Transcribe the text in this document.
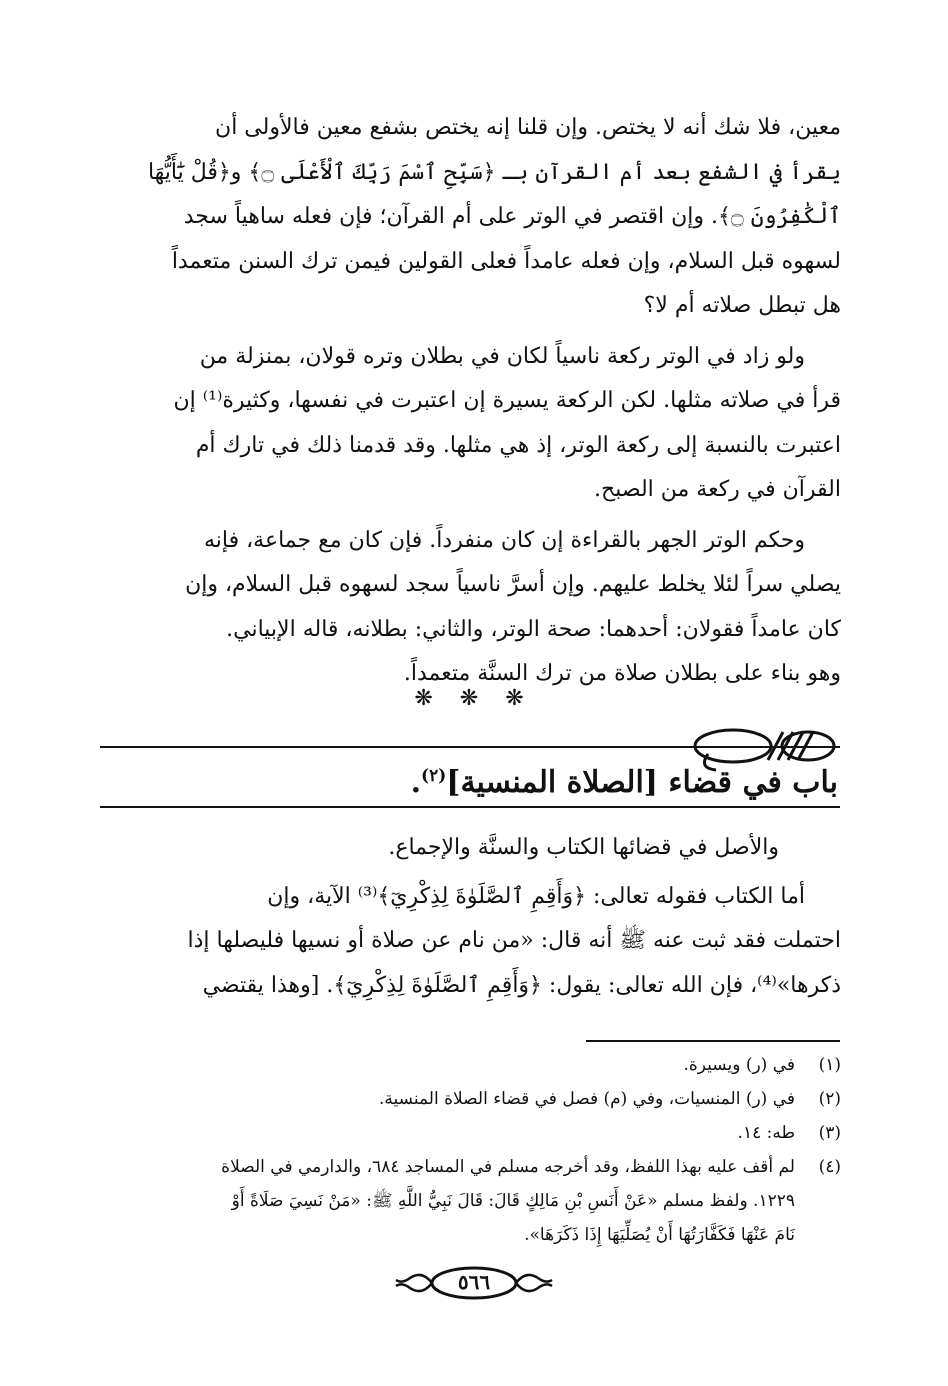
معين، فلا شك أنه لا يختص. وإن قلنا إنه يختص بشفع معين فالأولى أن
يقرأ في الشفع بعد أم القرآن بـ ﴿سَبِّحِ ٱسْمَ رَبِّكَ ٱلْأَعْلَى ۝﴾ و﴿قُلْ يَٰٓأَيُّهَا
ٱلْكَٰفِرُونَ ۝﴾. وإن اقتصر في الوتر على أم القرآن؛ فإن فعله ساهياً سجد
لسهوه قبل السلام، وإن فعله عامداً فعلى القولين فيمن ترك السنن متعمداً
هل تبطل صلاته أم لا؟
ولو زاد في الوتر ركعة ناسياً لكان في بطلان وتره قولان، بمنزلة من
قرأ في صلاته مثلها. لكن الركعة يسيرة إن اعتبرت في نفسها، وكثيرة⁽¹⁾ إن
اعتبرت بالنسبة إلى ركعة الوتر، إذ هي مثلها. وقد قدمنا ذلك في تارك أم
القرآن في ركعة من الصبح.
وحكم الوتر الجهر بالقراءة إن كان منفرداً. فإن كان مع جماعة، فإنه
يصلي سراً لئلا يخلط عليهم. وإن أسرَّ ناسياً سجد لسهوه قبل السلام، وإن
كان عامداً فقولان: أحدهما: صحة الوتر، والثاني: بطلانه، قاله الإبياني.
وهو بناء على بطلان صلاة من ترك السنَّة متعمداً.
❋ ❋ ❋
باب في قضاء [الصلاة المنسية]$^{(٢)}$.
والأصل في قضائها الكتاب والسنَّة والإجماع.
أما الكتاب فقوله تعالى: ﴿وَأَقِمِ ٱلصَّلَوٰةَ لِذِكْرِيٓ﴾⁽³⁾ الآية، وإن
احتملت فقد ثبت عنه ﷺ أنه قال: «من نام عن صلاة أو نسيها فليصلها إذا
ذكرها»⁽⁴⁾، فإن الله تعالى: يقول: ﴿وَأَقِمِ ٱلصَّلَوٰةَ لِذِكْرِيٓ﴾. [وهذا يقتضي
(١)في (ر) ويسيرة.
(٢)في (ر) المنسيات، وفي (م) فصل في قضاء الصلاة المنسية.
(٣)طه: ١٤.
(٤)لم أقف عليه بهذا اللفظ، وقد أخرجه مسلم في المساجد ٦٨٤، والدارمي في الصلاة
١٢٢٩. ولفظ مسلم «عَنْ أَنَسِ بْنِ مَالِكٍ قَالَ: قَالَ نَبِيُّ اللَّهِ ﷺ: «مَنْ نَسِيَ صَلَاةً أَوْ
نَامَ عَنْهَا فَكَفَّارَتُهَا أَنْ يُصَلِّيَهَا إِذَا ذَكَرَهَا».
٥٦٦
